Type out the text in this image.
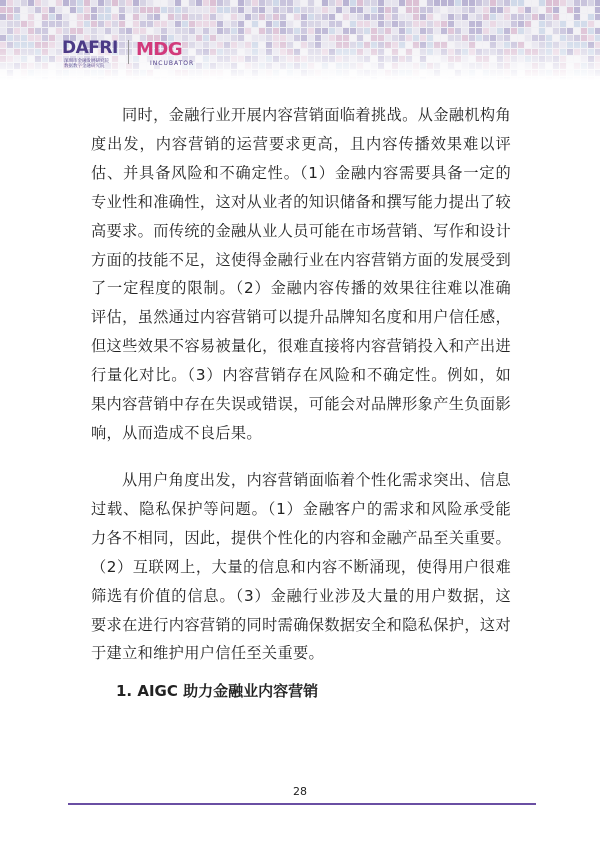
DAFRI
深圳市金融发展研究院
数据数字金融研究院
MDG
INCUBATOR

同时，金融行业开展内容营销面临着挑战。从金融机构角度出发，内容营销的运营要求更高，且内容传播效果难以评估、并具备风险和不确定性。（1）金融内容需要具备一定的专业性和准确性，这对从业者的知识储备和撰写能力提出了较高要求。而传统的金融从业人员可能在市场营销、写作和设计方面的技能不足，这使得金融行业在内容营销方面的发展受到了一定程度的限制。（2）金融内容传播的效果往往难以准确评估，虽然通过内容营销可以提升品牌知名度和用户信任感，但这些效果不容易被量化，很难直接将内容营销投入和产出进行量化对比。（3）内容营销存在风险和不确定性。例如，如果内容营销中存在失误或错误，可能会对品牌形象产生负面影响，从而造成不良后果。

从用户角度出发，内容营销面临着个性化需求突出、信息过载、隐私保护等问题。（1）金融客户的需求和风险承受能力各不相同，因此，提供个性化的内容和金融产品至关重要。（2）互联网上，大量的信息和内容不断涌现，使得用户很难筛选有价值的信息。（3）金融行业涉及大量的用户数据，这要求在进行内容营销的同时需确保数据安全和隐私保护，这对于建立和维护用户信任至关重要。

1. AIGC 助力金融业内容营销
28
